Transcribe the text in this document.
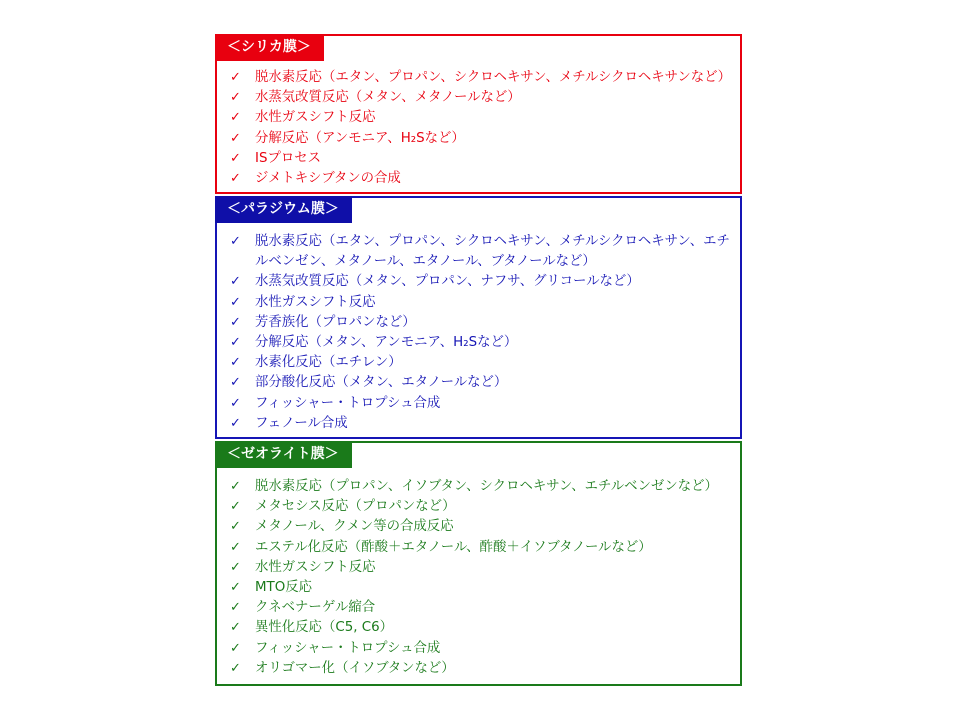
＜シリカ膜＞
✓ 脱水素反応（エタン、プロパン、シクロヘキサン、メチルシクロヘキサンなど）
✓ 水蒸気改質反応（メタン、メタノールなど）
✓ 水性ガスシフト反応
✓ 分解反応（アンモニア、H₂Sなど）
✓ ISプロセス
✓ ジメトキシブタンの合成
＜パラジウム膜＞
✓ 脱水素反応（エタン、プロパン、シクロヘキサン、メチルシクロヘキサン、エチルベンゼン、メタノール、エタノール、ブタノールなど）
✓ 水蒸気改質反応（メタン、プロパン、ナフサ、グリコールなど）
✓ 水性ガスシフト反応
✓ 芳香族化（プロパンなど）
✓ 分解反応（メタン、アンモニア、H₂Sなど）
✓ 水素化反応（エチレン）
✓ 部分酸化反応（メタン、エタノールなど）
✓ フィッシャー・トロプシュ合成
✓ フェノール合成
＜ゼオライト膜＞
✓ 脱水素反応（プロパン、イソブタン、シクロヘキサン、エチルベンゼンなど）
✓ メタセシス反応（プロパンなど）
✓ メタノール、クメン等の合成反応
✓ エステル化反応（酢酸＋エタノール、酢酸＋イソブタノールなど）
✓ 水性ガスシフト反応
✓ MTO反応
✓ クネベナーゲル縮合
✓ 異性化反応（C5, C6）
✓ フィッシャー・トロプシュ合成
✓ オリゴマー化（イソブタンなど）
